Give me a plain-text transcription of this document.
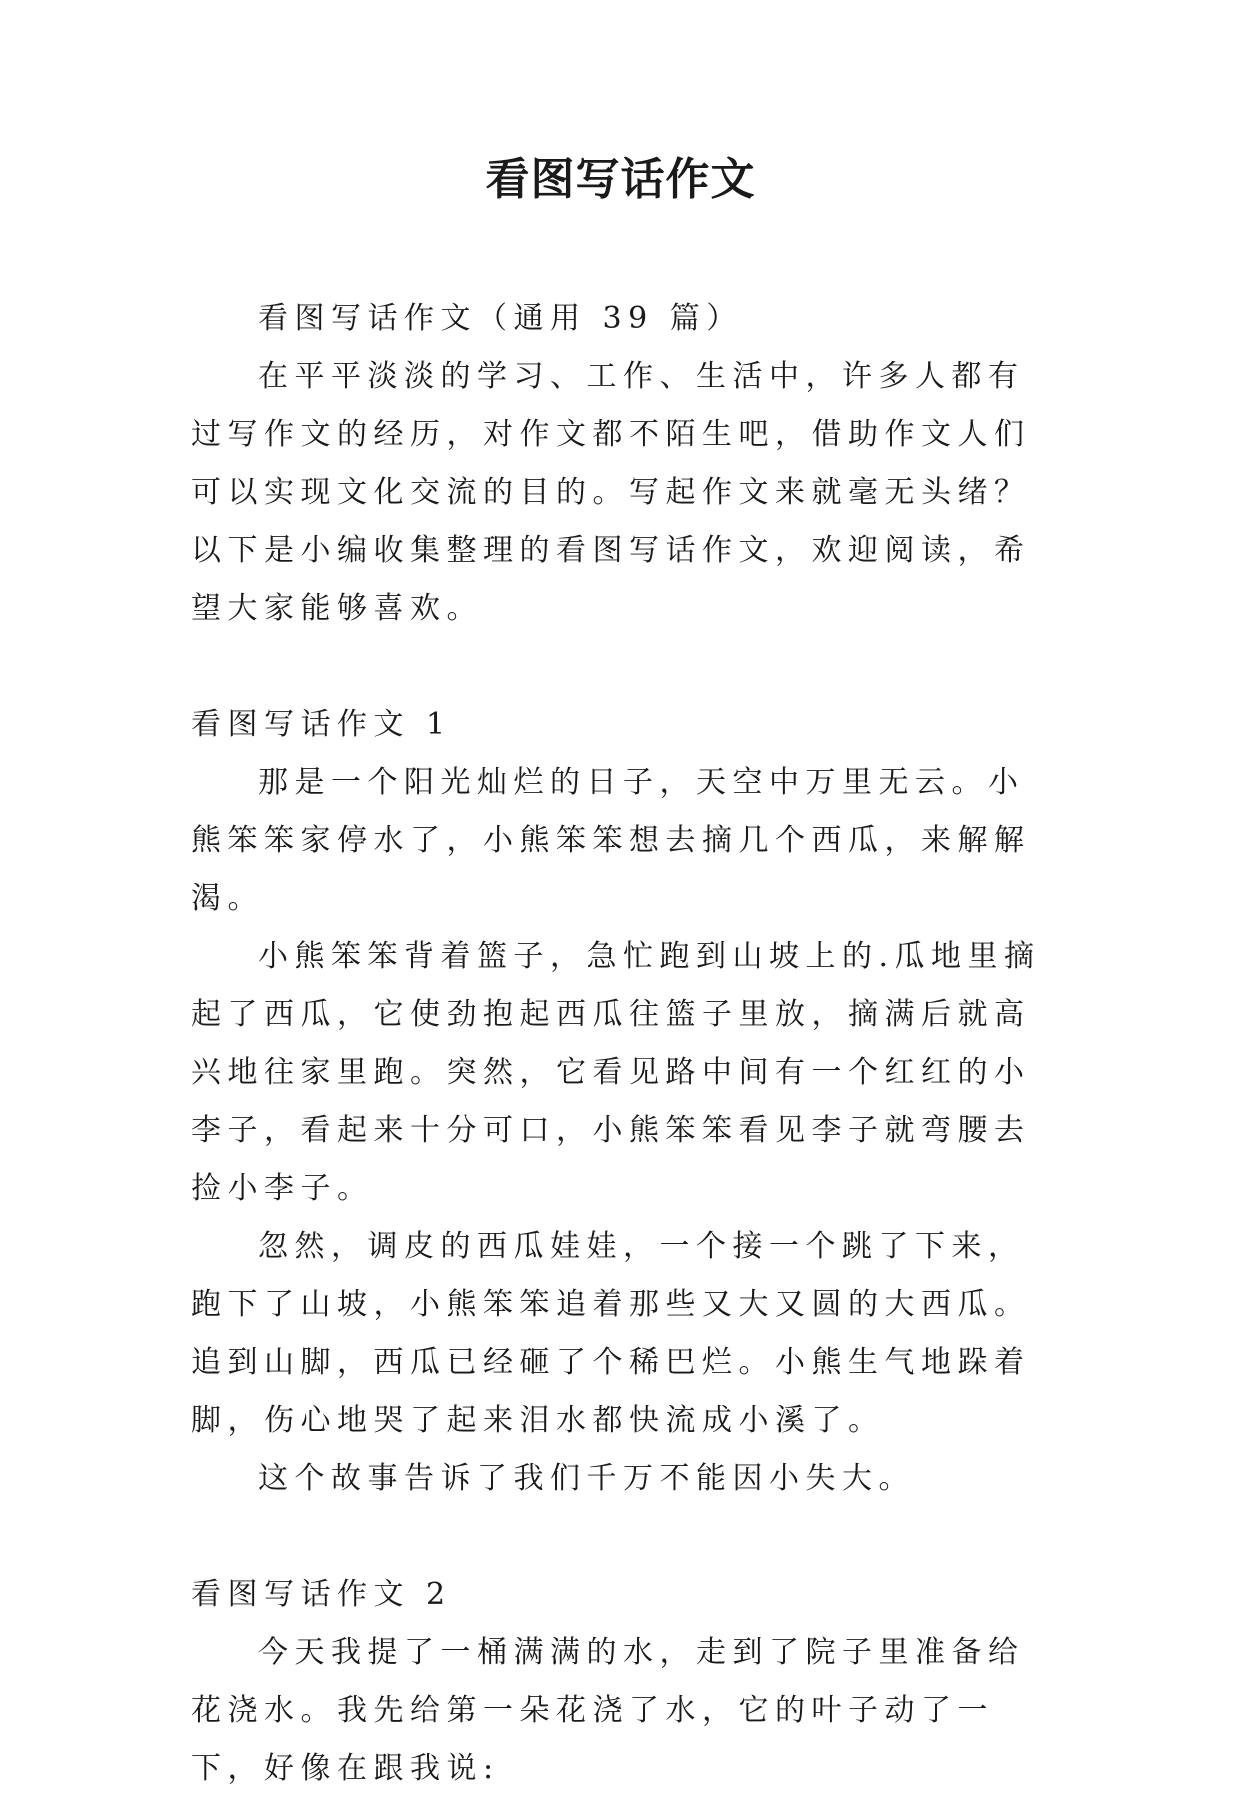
看图写话作文

看图写话作文（通用 39 篇）

在平平淡淡的学习、工作、生活中，许多人都有过写作文的经历，对作文都不陌生吧，借助作文人们可以实现文化交流的目的。写起作文来就毫无头绪？以下是小编收集整理的看图写话作文，欢迎阅读，希望大家能够喜欢。

看图写话作文 1

那是一个阳光灿烂的日子，天空中万里无云。小熊笨笨家停水了，小熊笨笨想去摘几个西瓜，来解解渴。

小熊笨笨背着篮子，急忙跑到山坡上的.瓜地里摘起了西瓜，它使劲抱起西瓜往篮子里放，摘满后就高兴地往家里跑。突然，它看见路中间有一个红红的小李子，看起来十分可口，小熊笨笨看见李子就弯腰去捡小李子。

忽然，调皮的西瓜娃娃，一个接一个跳了下来，跑下了山坡，小熊笨笨追着那些又大又圆的大西瓜。追到山脚，西瓜已经砸了个稀巴烂。小熊生气地跺着脚，伤心地哭了起来泪水都快流成小溪了。

这个故事告诉了我们千万不能因小失大。

看图写话作文 2

今天我提了一桶满满的水，走到了院子里准备给花浇水。我先给第一朵花浇了水，它的叶子动了一下，好像在跟我说:
